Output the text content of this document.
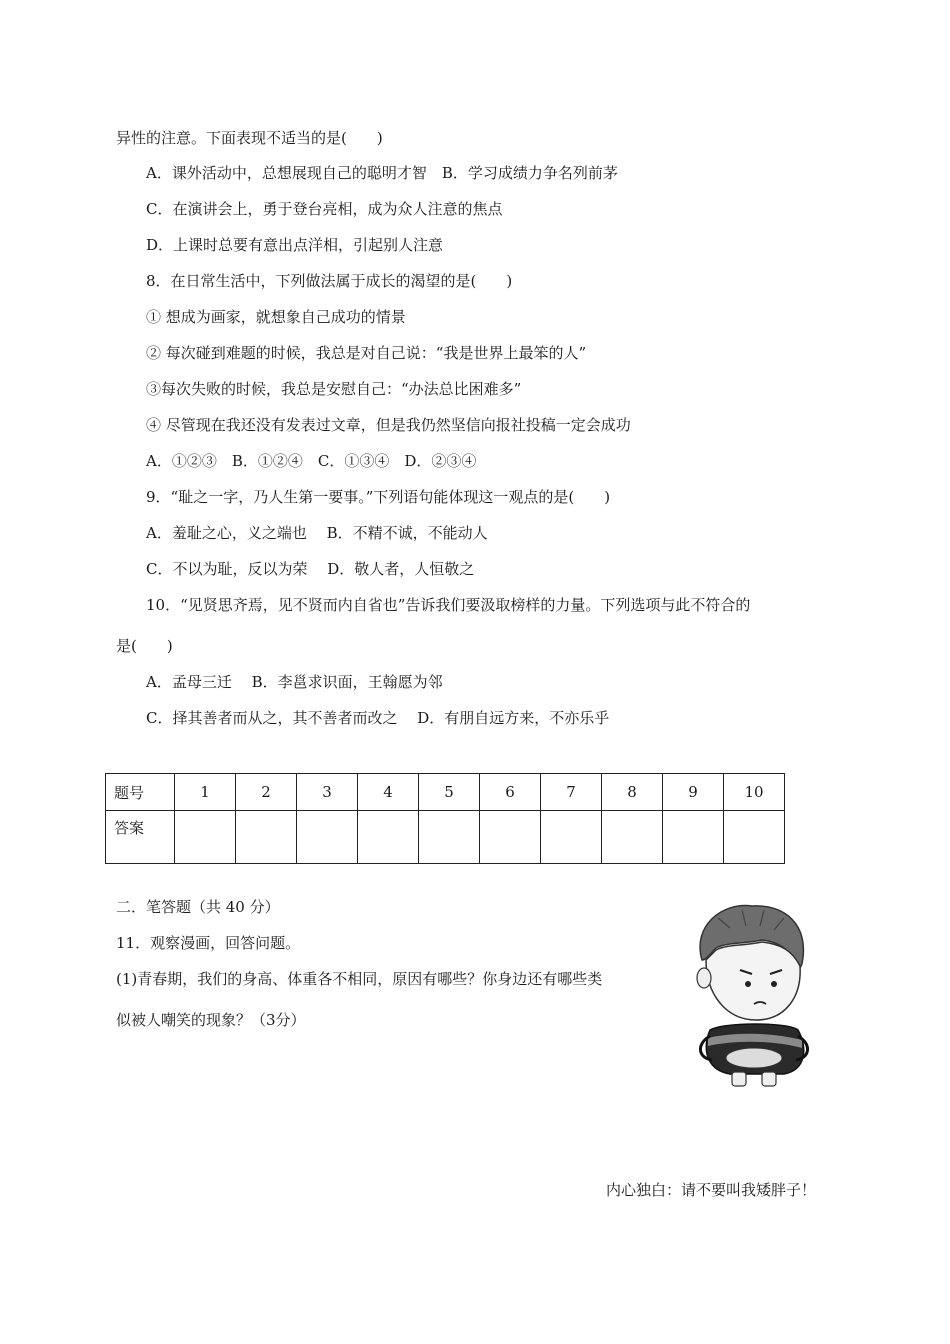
异性的注意。下面表现不适当的是(　　)
A．课外活动中，总想展现自己的聪明才智　B．学习成绩力争名列前茅
C．在演讲会上，勇于登台亮相，成为众人注意的焦点
D．上课时总要有意出点洋相，引起别人注意
8．在日常生活中，下列做法属于成长的渴望的是(　　)
① 想成为画家，就想象自己成功的情景
② 每次碰到难题的时候，我总是对自己说：“我是世界上最笨的人”
③每次失败的时候，我总是安慰自己：“办法总比困难多”
④ 尽管现在我还没有发表过文章，但是我仍然坚信向报社投稿一定会成功
A．①②③　B．①②④　C．①③④　D．②③④
9．“耻之一字，乃人生第一要事。”下列语句能体现这一观点的是(　　)
A．羞耻之心，义之端也　 B．不精不诚，不能动人
C．不以为耻，反以为荣　 D．敬人者，人恒敬之
10．“见贤思齐焉，见不贤而内自省也”告诉我们要汲取榜样的力量。下列选项与此不符合的
是(　　)
A．孟母三迁　 B．李邕求识面，王翰愿为邻
C．择其善者而从之，其不善者而改之　 D．有朋自远方来，不亦乐乎
题号	1	2	3	4	5	6	7	8	9	10
答案										
二．笔答题（共 40 分）
11．观察漫画，回答问题。
(1)青春期，我们的身高、体重各不相同，原因有哪些？你身边还有哪些类
似被人嘲笑的现象？（3分）
内心独白：请不要叫我矮胖子！
